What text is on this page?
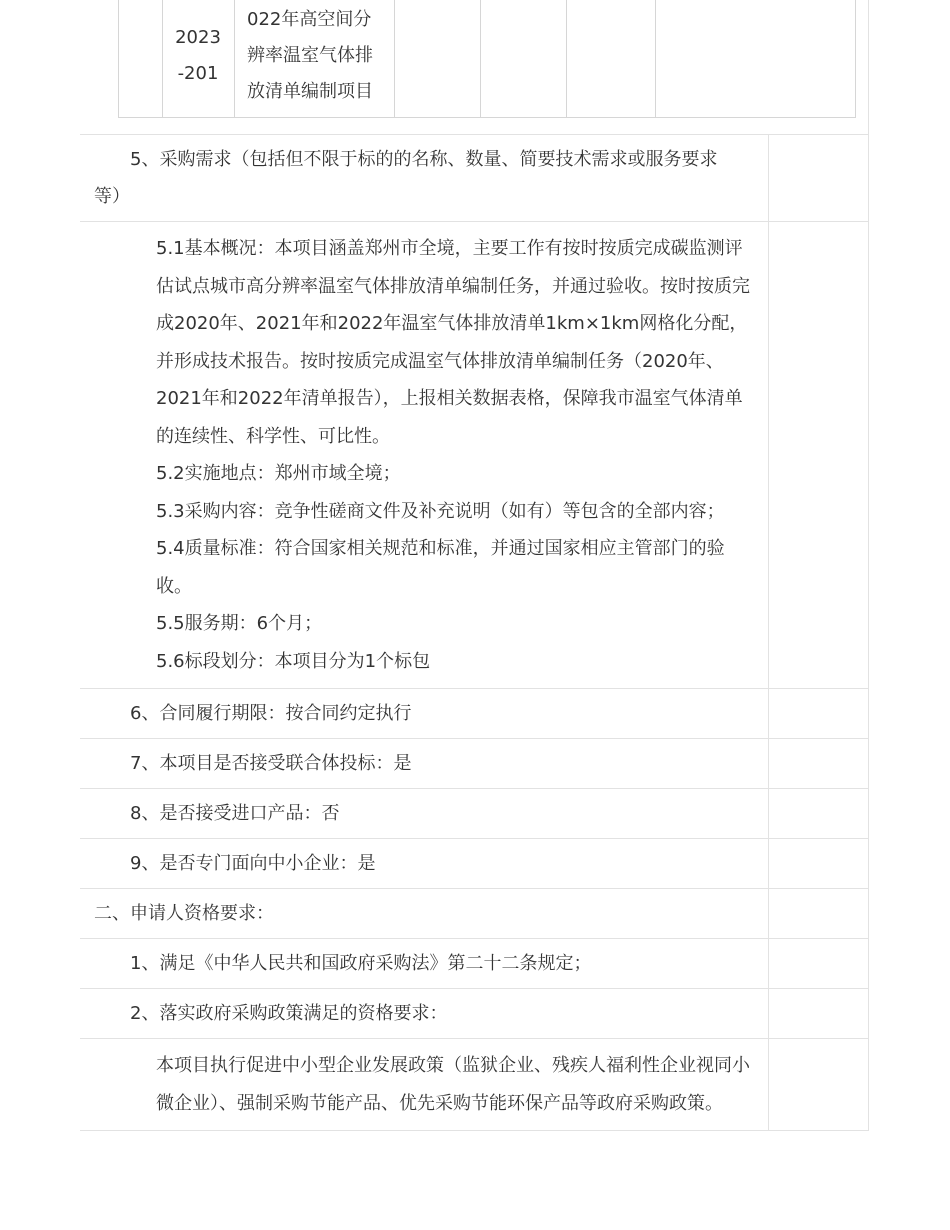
2023
-201
022年高空间分
辨率温室气体排
放清单编制项目
5、采购需求（包括但不限于标的的名称、数量、简要技术需求或服务要求等）

5.1基本概况：本项目涵盖郑州市全境，主要工作有按时按质完成碳监测评估试点城市高分辨率温室气体排放清单编制任务，并通过验收。按时按质完成2020年、2021年和2022年温室气体排放清单1km×1km网格化分配，并形成技术报告。按时按质完成温室气体排放清单编制任务（2020年、2021年和2022年清单报告），上报相关数据表格，保障我市温室气体清单的连续性、科学性、可比性。

5.2实施地点：郑州市域全境；

5.3采购内容：竞争性磋商文件及补充说明（如有）等包含的全部内容；

5.4质量标准：符合国家相关规范和标准，并通过国家相应主管部门的验收。

5.5服务期：6个月；

5.6标段划分：本项目分为1个标包

6、合同履行期限：按合同约定执行
7、本项目是否接受联合体投标：是
8、是否接受进口产品：否
9、是否专门面向中小企业：是
二、申请人资格要求：
1、满足《中华人民共和国政府采购法》第二十二条规定；
2、落实政府采购政策满足的资格要求：

本项目执行促进中小型企业发展政策（监狱企业、残疾人福利性企业视同小微企业）、强制采购节能产品、优先采购节能环保产品等政府采购政策。
